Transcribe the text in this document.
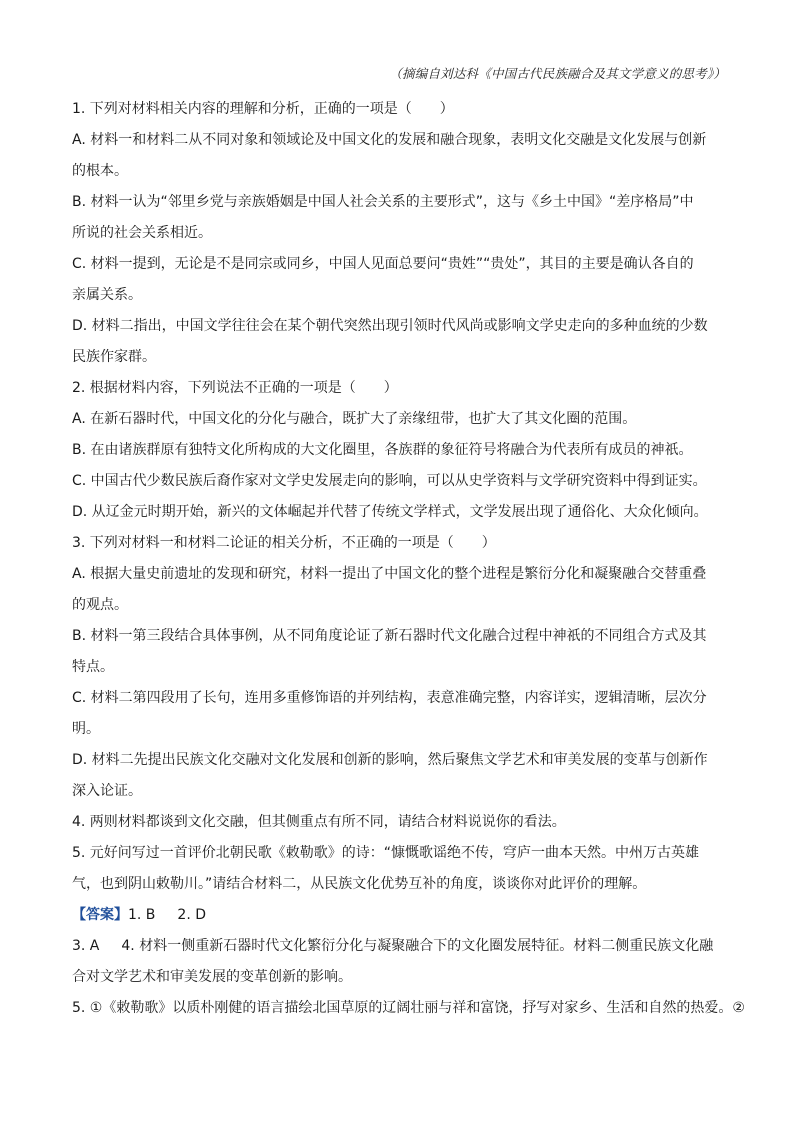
（摘编自刘达科《中国古代民族融合及其文学意义的思考》）
1. 下列对材料相关内容的理解和分析，正确的一项是（　　）
A. 材料一和材料二从不同对象和领域论及中国文化的发展和融合现象，表明文化交融是文化发展与创新
的根本。
B. 材料一认为“邻里乡党与亲族婚姻是中国人社会关系的主要形式”，这与《乡土中国》“差序格局”中
所说的社会关系相近。
C. 材料一提到，无论是不是同宗或同乡，中国人见面总要问“贵姓”“贵处”，其目的主要是确认各自的
亲属关系。
D. 材料二指出，中国文学往往会在某个朝代突然出现引领时代风尚或影响文学史走向的多种血统的少数
民族作家群。
2. 根据材料内容，下列说法不正确的一项是（　　）
A. 在新石器时代，中国文化的分化与融合，既扩大了亲缘纽带，也扩大了其文化圈的范围。
B. 在由诸族群原有独特文化所构成的大文化圈里，各族群的象征符号将融合为代表所有成员的神祇。
C. 中国古代少数民族后裔作家对文学史发展走向的影响，可以从史学资料与文学研究资料中得到证实。
D. 从辽金元时期开始，新兴的文体崛起并代替了传统文学样式，文学发展出现了通俗化、大众化倾向。
3. 下列对材料一和材料二论证的相关分析，不正确的一项是（　　）
A. 根据大量史前遗址的发现和研究，材料一提出了中国文化的整个进程是繁衍分化和凝聚融合交替重叠
的观点。
B. 材料一第三段结合具体事例，从不同角度论证了新石器时代文化融合过程中神祇的不同组合方式及其
特点。
C. 材料二第四段用了长句，连用多重修饰语的并列结构，表意准确完整，内容详实，逻辑清晰，层次分
明。
D. 材料二先提出民族文化交融对文化发展和创新的影响，然后聚焦文学艺术和审美发展的变革与创新作
深入论证。
4. 两则材料都谈到文化交融，但其侧重点有所不同，请结合材料说说你的看法。
5. 元好问写过一首评价北朝民歌《敕勒歌》的诗：“慷慨歌谣绝不传，穹庐一曲本天然。中州万古英雄
气，也到阴山敕勒川。”请结合材料二，从民族文化优势互补的角度，谈谈你对此评价的理解。
【答案】1. B 2. D
3. A 4. 材料一侧重新石器时代文化繁衍分化与凝聚融合下的文化圈发展特征。材料二侧重民族文化融
合对文学艺术和审美发展的变革创新的影响。
5. ①《敕勒歌》以质朴刚健的语言描绘北国草原的辽阔壮丽与祥和富饶，抒写对家乡、生活和自然的热爱。②
